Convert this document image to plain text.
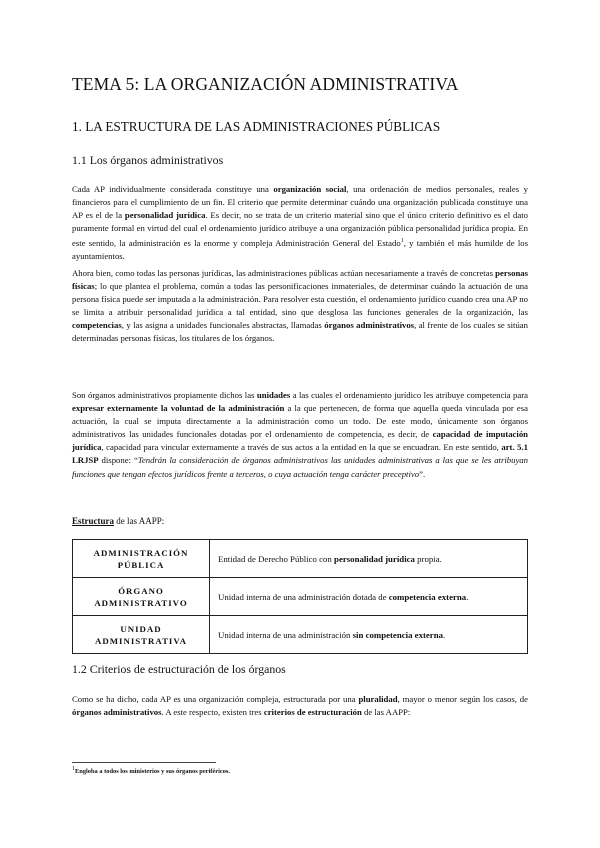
TEMA 5: LA ORGANIZACIÓN ADMINISTRATIVA
1. LA ESTRUCTURA DE LAS ADMINISTRACIONES PÚBLICAS
1.1 Los órganos administrativos

Cada AP individualmente considerada constituye una organización social, una ordenación de medios personales, reales y financieros para el cumplimiento de un fin. El criterio que permite determinar cuándo una organización publicada constituye una AP es el de la personalidad jurídica. Es decir, no se trata de un criterio material sino que el único criterio definitivo es el dato puramente formal en virtud del cual el ordenamiento jurídico atribuye a una organización pública personalidad jurídica propia. En este sentido, la administración es la enorme y compleja Administración General del Estado$^1$, y también el más humilde de los ayuntamientos.

Ahora bien, como todas las personas jurídicas, las administraciones públicas actúan necesariamente a través de concretas personas físicas; lo que plantea el problema, común a todas las personificaciones inmateriales, de determinar cuándo la actuación de una persona física puede ser imputada a la administración. Para resolver esta cuestión, el ordenamiento jurídico cuando crea una AP no se limita a atribuir personalidad jurídica a tal entidad, sino que desglosa las funciones generales de la organización, las competencias, y las asigna a unidades funcionales abstractas, llamadas órganos administrativos, al frente de los cuales se sitúan determinadas personas físicas, los titulares de los órganos.

Son órganos administrativos propiamente dichos las unidades a las cuales el ordenamiento jurídico les atribuye competencia para expresar externamente la voluntad de la administración a la que pertenecen, de forma que aquella queda vinculada por esa actuación, la cual se imputa directamente a la administración como un todo. De este modo, únicamente son órganos administrativos las unidades funcionales dotadas por el ordenamiento de competencia, es decir, de capacidad de imputación jurídica, capacidad para vincular externamente a través de sus actos a la entidad en la que se encuadran. En este sentido, art. 5.1 LRJSP dispone: “Tendrán la consideración de órganos administrativos las unidades administrativas a las que se les atribuyan funciones que tengan efectos jurídicos frente a terceros, o cuya actuación tenga carácter preceptivo”.

Estructura de las AAPP:

ADMINISTRACIÓN PÚBLICA	Entidad de Derecho Público con personalidad jurídica propia.
ÓRGANO ADMINISTRATIVO	Unidad interna de una administración dotada de competencia externa.
UNIDAD ADMINISTRATIVA	Unidad interna de una administración sin competencia externa.
1.2 Criterios de estructuración de los órganos

Como se ha dicho, cada AP es una organización compleja, estructurada por una pluralidad, mayor o menor según los casos, de órganos administrativos. A este respecto, existen tres criterios de estructuración de las AAPP:

$^1$Engloba a todos los ministerios y sus órganos periféricos.
